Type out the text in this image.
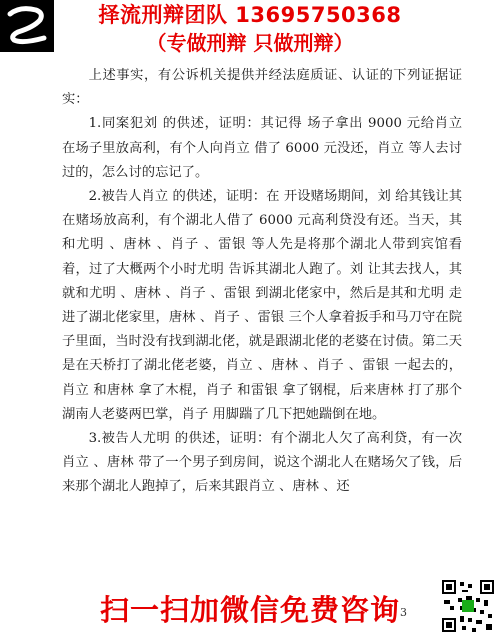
择流刑辩团队 13695750368
（专做刑辩 只做刑辩）

上述事实，有公诉机关提供并经法庭质证、认证的下列证据证实：

1.同案犯刘 的供述，证明：其记得 场子拿出 9000 元给肖立 在场子里放高利，有个人向肖立 借了 6000 元没还，肖立 等人去讨过的，怎么讨的忘记了。

2.被告人肖立 的供述，证明：在 开设赌场期间，刘 给其钱让其在赌场放高利，有个湖北人借了 6000 元高利贷没有还。当天，其和尤明 、唐林 、肖子 、雷银 等人先是将那个湖北人带到宾馆看着，过了大概两个小时尤明 告诉其湖北人跑了。刘 让其去找人，其就和尤明 、唐林 、肖子 、雷银 到湖北佬家中，然后是其和尤明 走进了湖北佬家里，唐林 、肖子 、雷银 三个人拿着扳手和马刀守在院子里面，当时没有找到湖北佬，就是跟湖北佬的老婆在讨债。第二天是在天桥打了湖北佬老婆，肖立 、唐林 、肖子 、雷银 一起去的，肖立 和唐林 拿了木棍，肖子 和雷银 拿了钢棍，后来唐林 打了那个湖南人老婆两巴掌，肖子 用脚踹了几下把她踹倒在地。

3.被告人尤明 的供述，证明：有个湖北人欠了高利贷，有一次肖立 、唐林 带了一个男子到房间，说这个湖北人在赌场欠了钱，后来那个湖北人跑掉了，后来其跟肖立 、唐林 、还

扫一扫加微信免费咨询 3
